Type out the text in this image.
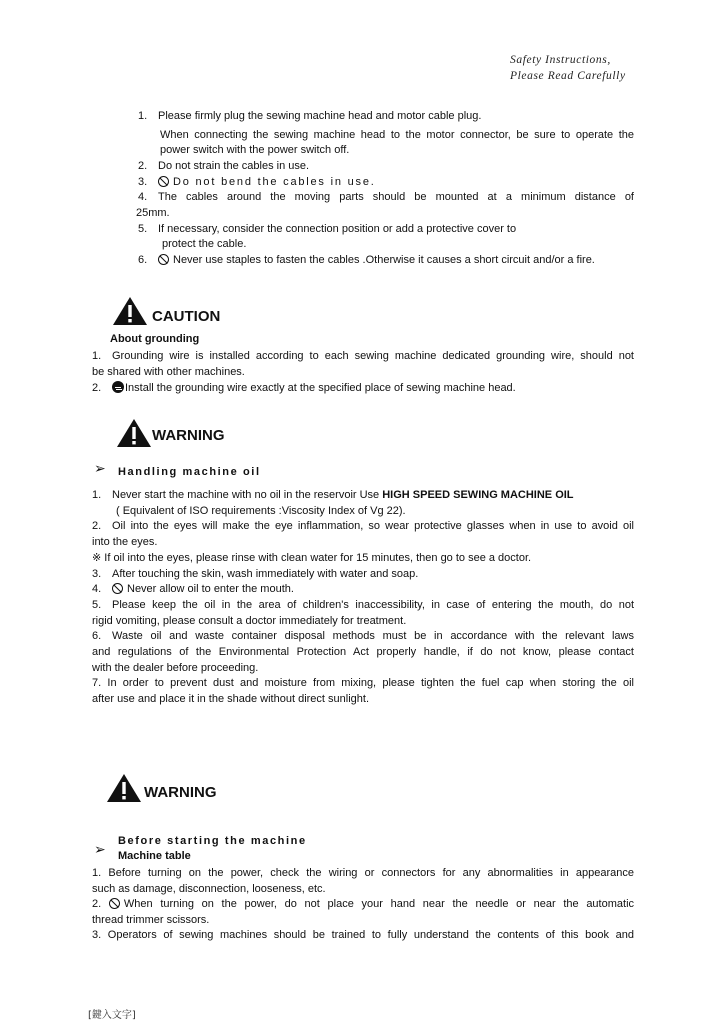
Safety Instructions,
Please Read Carefully
1. Please firmly plug the sewing machine head and motor cable plug.
When connecting the sewing machine head to the motor connector, be sure to operate the
power switch with the power switch off.
2. Do not strain the cables in use.
3. Do not bend the cables in use.
4. The cables around the moving parts should be mounted at a minimum distance of
25mm.
5. If necessary, consider the connection position or add a protective cover to
protect the cable.
6. Never use staples to fasten the cables .Otherwise it causes a short circuit and/or a fire.
CAUTION
About grounding
1. Grounding wire is installed according to each sewing machine dedicated grounding wire, should not
be shared with other machines.
2. Install the grounding wire exactly at the specified place of sewing machine head.
WARNING
➢ Handling machine oil
1. Never start the machine with no oil in the reservoir Use HIGH SPEED SEWING MACHINE OIL
( Equivalent of ISO requirements :Viscosity Index of Vg 22).
2. Oil into the eyes will make the eye inflammation, so wear protective glasses when in use to avoid oil
into the eyes.
※ If oil into the eyes, please rinse with clean water for 15 minutes, then go to see a doctor.
3. After touching the skin, wash immediately with water and soap.
4. Never allow oil to enter the mouth.
5. Please keep the oil in the area of children's inaccessibility, in case of entering the mouth, do not
rigid vomiting, please consult a doctor immediately for treatment.
6. Waste oil and waste container disposal methods must be in accordance with the relevant laws
and regulations of the Environmental Protection Act properly handle, if do not know, please contact
with the dealer before proceeding.
7. In order to prevent dust and moisture from mixing, please tighten the fuel cap when storing the oil
after use and place it in the shade without direct sunlight.
WARNING
➢ Before starting the machine
Machine table
1. Before turning on the power, check the wiring or connectors for any abnormalities in appearance
such as damage, disconnection, looseness, etc.
2. When turning on the power, do not place your hand near the needle or near the automatic
thread trimmer scissors.
3. Operators of sewing machines should be trained to fully understand the contents of this book and
[鍵入文字]
